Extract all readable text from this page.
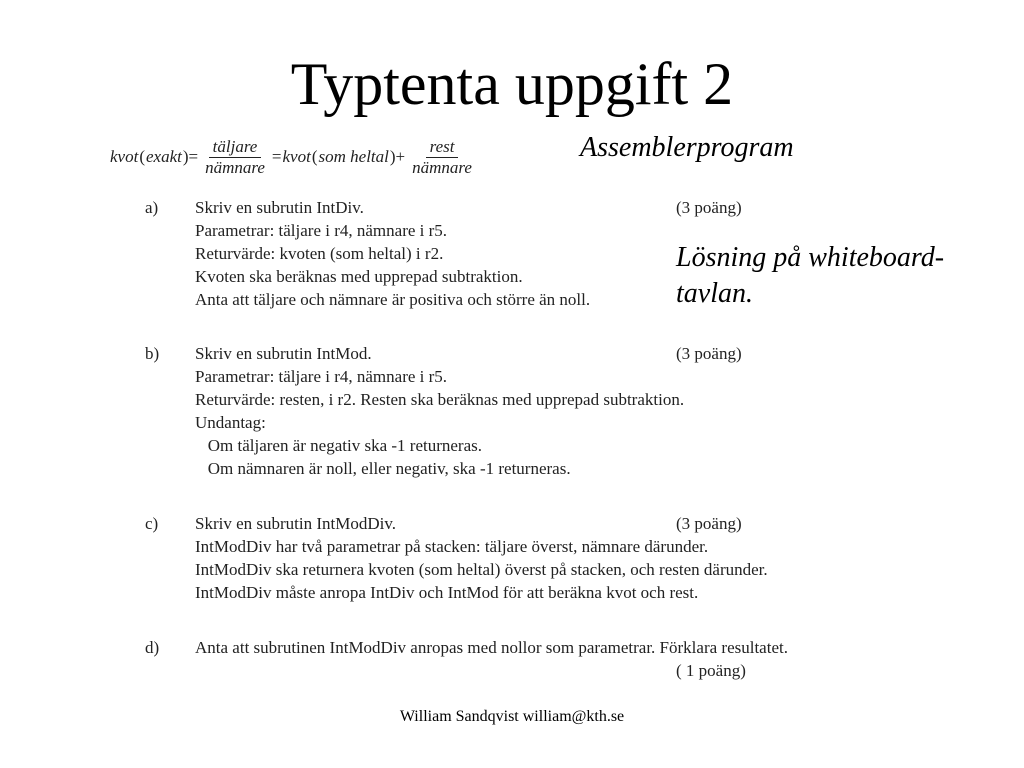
Typtenta uppgift 2
kvot ( exakt )= $\frac{\text{täljare}}{\text{nämnare}}$ = kvot ( som heltal )+ $\frac{\text{rest}}{\text{nämnare}}$	Assemblerprogram
Lösning på whiteboard-tavlan.
a)	(3 poäng)
Skriv en subrutin IntDiv.
Parametrar: täljare i r4, nämnare i r5.
Returvärde: kvoten (som heltal) i r2.
Kvoten ska beräknas med upprepad subtraktion.
Anta att täljare och nämnare är positiva och större än noll.
b)	(3 poäng)
Skriv en subrutin IntMod.
Parametrar: täljare i r4, nämnare i r5.
Returvärde: resten, i r2. Resten ska beräknas med upprepad subtraktion.
Undantag:
Om täljaren är negativ ska -1 returneras.
Om nämnaren är noll, eller negativ, ska -1 returneras.
c)	(3 poäng)
Skriv en subrutin IntModDiv.
IntModDiv har två parametrar på stacken: täljare överst, nämnare därunder.
IntModDiv ska returnera kvoten (som heltal) överst på stacken, och resten därunder.
IntModDiv måste anropa IntDiv och IntMod för att beräkna kvot och rest.
d) Anta att subrutinen IntModDiv anropas med nollor som parametrar. Förklara resultatet.
( 1 poäng)
William Sandqvist william@kth.se
